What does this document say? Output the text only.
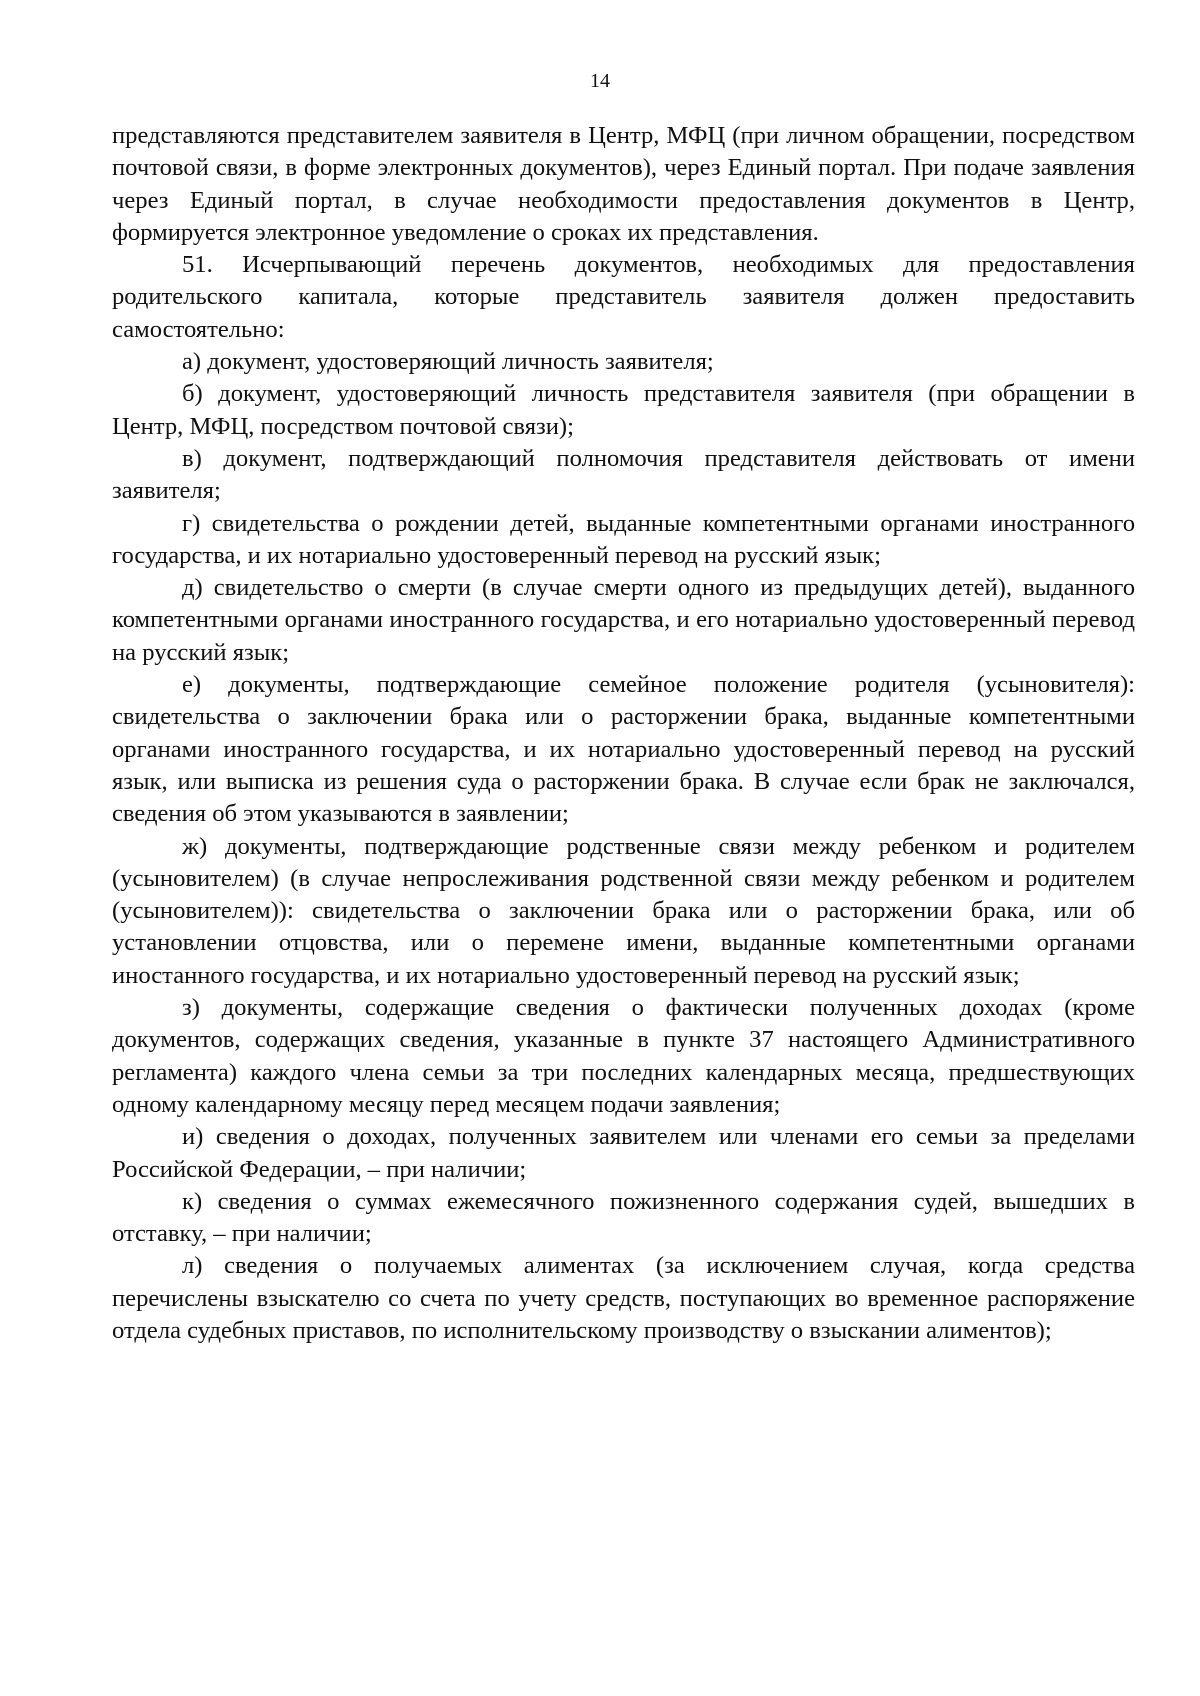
14

представляются представителем заявителя в Центр, МФЦ (при личном обращении, посредством почтовой связи, в форме электронных документов), через Единый портал. При подаче заявления через Единый портал, в случае необходимости предоставления документов в Центр, формируется электронное уведомление о сроках их представления.

51. Исчерпывающий перечень документов, необходимых для предоставления родительского капитала, которые представитель заявителя должен предоставить самостоятельно:

а) документ, удостоверяющий личность заявителя;

б) документ, удостоверяющий личность представителя заявителя (при обращении в Центр, МФЦ, посредством почтовой связи);

в) документ, подтверждающий полномочия представителя действовать от имени заявителя;

г) свидетельства о рождении детей, выданные компетентными органами иностранного государства, и их нотариально удостоверенный перевод на русский язык;

д) свидетельство о смерти (в случае смерти одного из предыдущих детей), выданного компетентными органами иностранного государства, и его нотариально удостоверенный перевод на русский язык;

е) документы, подтверждающие семейное положение родителя (усыновителя): свидетельства о заключении брака или о расторжении брака, выданные компетентными органами иностранного государства, и их нотариально удостоверенный перевод на русский язык, или выписка из решения суда о расторжении брака. В случае если брак не заключался, сведения об этом указываются в заявлении;

ж) документы, подтверждающие родственные связи между ребенком и родителем (усыновителем) (в случае непрослеживания родственной связи между ребенком и родителем (усыновителем)): свидетельства о заключении брака или о расторжении брака, или об установлении отцовства, или о перемене имени, выданные компетентными органами иностанного государства, и их нотариально удостоверенный перевод на русский язык;

з) документы, содержащие сведения о фактически полученных доходах (кроме документов, содержащих сведения, указанные в пункте 37 настоящего Административного регламента) каждого члена семьи за три последних календарных месяца, предшествующих одному календарному месяцу перед месяцем подачи заявления;

и) сведения о доходах, полученных заявителем или членами его семьи за пределами Российской Федерации, – при наличии;

к) сведения о суммах ежемесячного пожизненного содержания судей, вышедших в отставку, – при наличии;

л) сведения о получаемых алиментах (за исключением случая, когда средства перечислены взыскателю со счета по учету средств, поступающих во временное распоряжение отдела судебных приставов, по исполнительскому производству о взыскании алиментов);
